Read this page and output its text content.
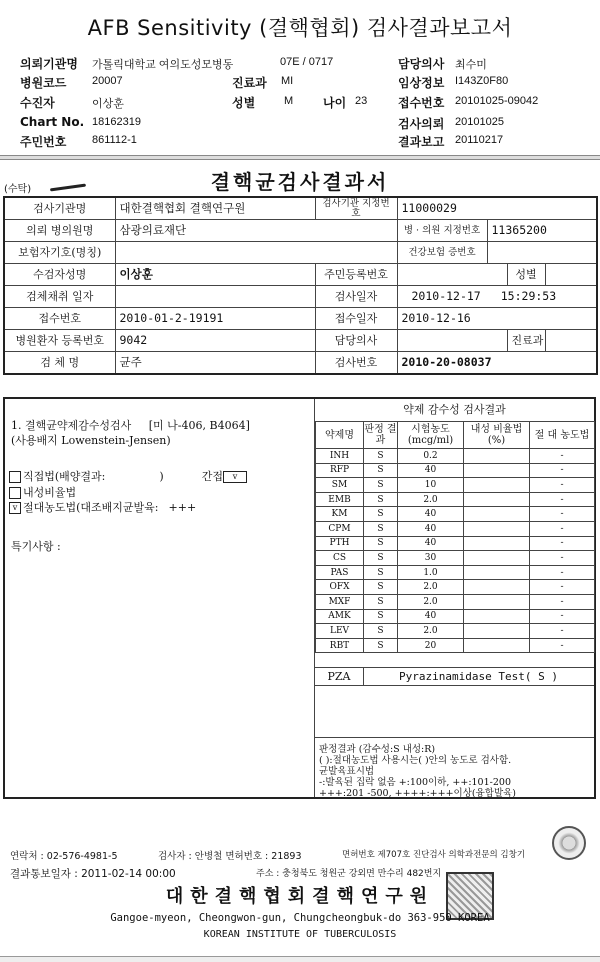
AFB Sensitivity (결핵협회) 검사결과보고서
의뢰기관명 가톨릭대학교 여의도성모병동	07E / 0717	담당의사 최수미
병원코드 20007	진료과 MI	임상정보 I143Z0F80
수진자	이상훈	성별	M 나이 23	접수번호 20101025-09042
Chart No. 18162319	검사의뢰 20101025
주민번호 861112-1	결과보고 20110217
(수탁)	결핵균검사결과서
검사기관명	대한결핵협회 결핵연구원	검사기관 지정번호	11000029			
의뢰 병의원명	삼광의료재단		병 · 의원 지정번호	11365200		
보험자기호(명칭)			건강보험 증번호			
수검자성명	이상훈	주민등록번호			성별	
검체채취 일자		검사일자	2010-12-17 15:29:53			
접수번호	2010-01-2-19191	접수일자	2010-12-16			
병원환자 등록번호	9042	담당의사			진료과	
검 체 명	균주	검사번호	2010-20-08037			
1. 결핵균약제감수성검사 [미 나-406, B4064]
(사용배지 Lowenstein-Jensen)
직접법(배양결과:	)	간접 v
내성비율법
v 절대농도법(대조배지균발육: +++
특기사항 :
약제 감수성 검사결과
약제명	판정 결과	시험농도 (mcg/ml)	내성 비율법(%)	절 대 농도법
INH	S	0.2		-
RFP	S	40		-
SM	S	10		-
EMB	S	2.0		-
KM	S	40		-
CPM	S	40		-
PTH	S	40		-
CS	S	30		-
PAS	S	1.0		-
OFX	S	2.0		-
MXF	S	2.0		-
AMK	S	40		-
LEV	S	2.0		-
RBT	S	20		-
PZA	Pyrazinamidase Test( S )
판정결과 (감수성:S 내성:R)
( ):절대농도법 사용시는( )안의 농도로 검사함.
균발육표시법
-:발육된 집락 없음 +:100이하, ++:101-200
+++:201 -500, ++++:+++이상(융합발육)
연락처 : 02-576-4981-5	검사자 : 안병철 면허번호 : 21893	면허번호 제707호 진단검사 의학과전문의 김창기
결과통보일자 : 2011-02-14 00:00	주소 : 충청북도 청원군 강외면 만수리 482번지
대한결핵협회결핵연구원
Gangoe-myeon, Cheongwon-gun, Chungcheongbuk-do 363-950 KOREA
KOREAN INSTITUTE OF TUBERCULOSIS
